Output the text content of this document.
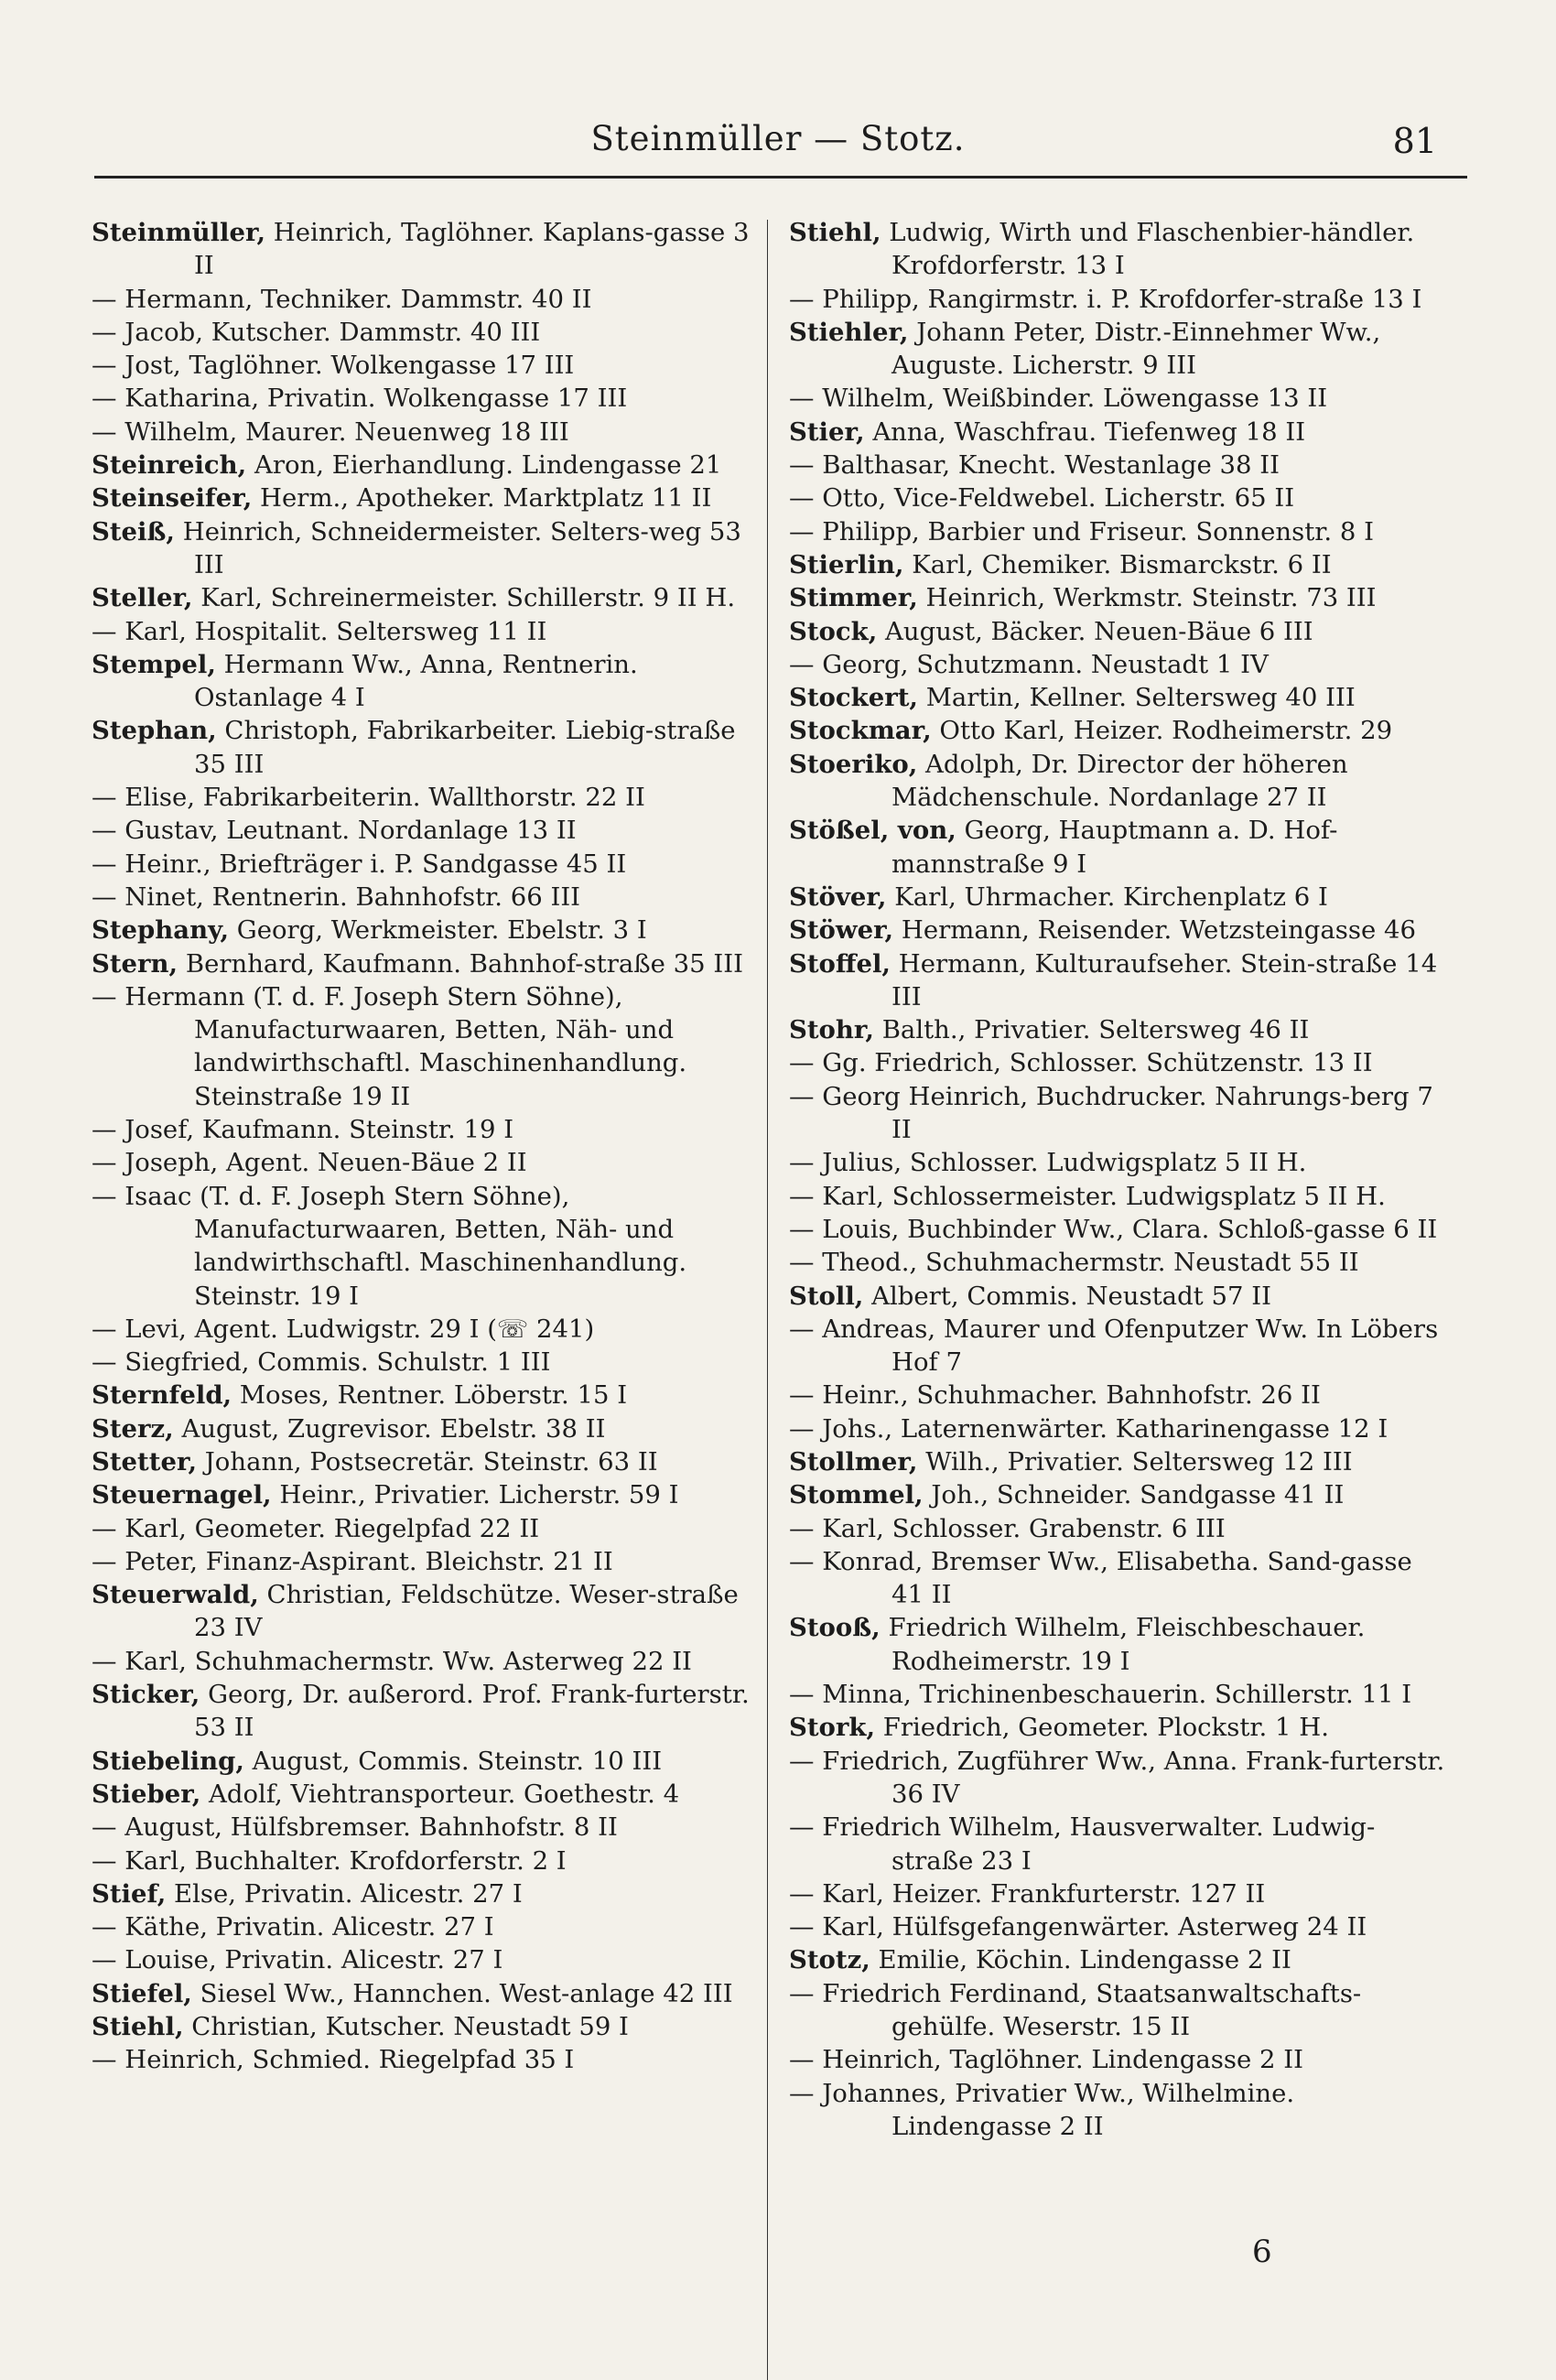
Steinmüller — Stotz.	81

Steinmüller, Heinrich, Taglöhner. Kaplans-gasse 3 II

— Hermann, Techniker. Dammstr. 40 II

— Jacob, Kutscher. Dammstr. 40 III

— Jost, Taglöhner. Wolkengasse 17 III

— Katharina, Privatin. Wolkengasse 17 III

— Wilhelm, Maurer. Neuenweg 18 III

Steinreich, Aron, Eierhandlung. Lindengasse 21

Steinseifer, Herm., Apotheker. Marktplatz 11 II

Steiß, Heinrich, Schneidermeister. Selters-weg 53 III

Steller, Karl, Schreinermeister. Schillerstr. 9 II H.

— Karl, Hospitalit. Seltersweg 11 II

Stempel, Hermann Ww., Anna, Rentnerin. Ostanlage 4 I

Stephan, Christoph, Fabrikarbeiter. Liebig-straße 35 III

— Elise, Fabrikarbeiterin. Wallthorstr. 22 II

— Gustav, Leutnant. Nordanlage 13 II

— Heinr., Briefträger i. P. Sandgasse 45 II

— Ninet, Rentnerin. Bahnhofstr. 66 III

Stephany, Georg, Werkmeister. Ebelstr. 3 I

Stern, Bernhard, Kaufmann. Bahnhof-straße 35 III

— Hermann (T. d. F. Joseph Stern Söhne), Manufacturwaaren, Betten, Näh- und landwirthschaftl. Maschinenhandlung. Steinstraße 19 II

— Josef, Kaufmann. Steinstr. 19 I

— Joseph, Agent. Neuen-Bäue 2 II

— Isaac (T. d. F. Joseph Stern Söhne), Manufacturwaaren, Betten, Näh- und landwirthschaftl. Maschinenhandlung. Steinstr. 19 I

— Levi, Agent. Ludwigstr. 29 I (☏ 241)

— Siegfried, Commis. Schulstr. 1 III

Sternfeld, Moses, Rentner. Löberstr. 15 I

Sterz, August, Zugrevisor. Ebelstr. 38 II

Stetter, Johann, Postsecretär. Steinstr. 63 II

Steuernagel, Heinr., Privatier. Licherstr. 59 I

— Karl, Geometer. Riegelpfad 22 II

— Peter, Finanz-Aspirant. Bleichstr. 21 II

Steuerwald, Christian, Feldschütze. Weser-straße 23 IV

— Karl, Schuhmachermstr. Ww. Asterweg 22 II

Sticker, Georg, Dr. außerord. Prof. Frank-furterstr. 53 II

Stiebeling, August, Commis. Steinstr. 10 III

Stieber, Adolf, Viehtransporteur. Goethestr. 4

— August, Hülfsbremser. Bahnhofstr. 8 II

— Karl, Buchhalter. Krofdorferstr. 2 I

Stief, Else, Privatin. Alicestr. 27 I

— Käthe, Privatin. Alicestr. 27 I

— Louise, Privatin. Alicestr. 27 I

Stiefel, Siesel Ww., Hannchen. West-anlage 42 III

Stiehl, Christian, Kutscher. Neustadt 59 I

— Heinrich, Schmied. Riegelpfad 35 I

Stiehl, Ludwig, Wirth und Flaschenbier-händler. Krofdorferstr. 13 I

— Philipp, Rangirmstr. i. P. Krofdorfer-straße 13 I

Stiehler, Johann Peter, Distr.-Einnehmer Ww., Auguste. Licherstr. 9 III

— Wilhelm, Weißbinder. Löwengasse 13 II

Stier, Anna, Waschfrau. Tiefenweg 18 II

— Balthasar, Knecht. Westanlage 38 II

— Otto, Vice-Feldwebel. Licherstr. 65 II

— Philipp, Barbier und Friseur. Sonnenstr. 8 I

Stierlin, Karl, Chemiker. Bismarckstr. 6 II

Stimmer, Heinrich, Werkmstr. Steinstr. 73 III

Stock, August, Bäcker. Neuen-Bäue 6 III

— Georg, Schutzmann. Neustadt 1 IV

Stockert, Martin, Kellner. Seltersweg 40 III

Stockmar, Otto Karl, Heizer. Rodheimerstr. 29

Stoeriko, Adolph, Dr. Director der höheren Mädchenschule. Nordanlage 27 II

Stößel, von, Georg, Hauptmann a. D. Hof-mannstraße 9 I

Stöver, Karl, Uhrmacher. Kirchenplatz 6 I

Stöwer, Hermann, Reisender. Wetzsteingasse 46

Stoffel, Hermann, Kulturaufseher. Stein-straße 14 III

Stohr, Balth., Privatier. Seltersweg 46 II

— Gg. Friedrich, Schlosser. Schützenstr. 13 II

— Georg Heinrich, Buchdrucker. Nahrungs-berg 7 II

— Julius, Schlosser. Ludwigsplatz 5 II H.

— Karl, Schlossermeister. Ludwigsplatz 5 II H.

— Louis, Buchbinder Ww., Clara. Schloß-gasse 6 II

— Theod., Schuhmachermstr. Neustadt 55 II

Stoll, Albert, Commis. Neustadt 57 II

— Andreas, Maurer und Ofenputzer Ww. In Löbers Hof 7

— Heinr., Schuhmacher. Bahnhofstr. 26 II

— Johs., Laternenwärter. Katharinengasse 12 I

Stollmer, Wilh., Privatier. Seltersweg 12 III

Stommel, Joh., Schneider. Sandgasse 41 II

— Karl, Schlosser. Grabenstr. 6 III

— Konrad, Bremser Ww., Elisabetha. Sand-gasse 41 II

Stooß, Friedrich Wilhelm, Fleischbeschauer. Rodheimerstr. 19 I

— Minna, Trichinenbeschauerin. Schillerstr. 11 I

Stork, Friedrich, Geometer. Plockstr. 1 H.

— Friedrich, Zugführer Ww., Anna. Frank-furterstr. 36 IV

— Friedrich Wilhelm, Hausverwalter. Ludwig-straße 23 I

— Karl, Heizer. Frankfurterstr. 127 II

— Karl, Hülfsgefangenwärter. Asterweg 24 II

Stotz, Emilie, Köchin. Lindengasse 2 II

— Friedrich Ferdinand, Staatsanwaltschafts-gehülfe. Weserstr. 15 II

— Heinrich, Taglöhner. Lindengasse 2 II

— Johannes, Privatier Ww., Wilhelmine. Lindengasse 2 II

6
